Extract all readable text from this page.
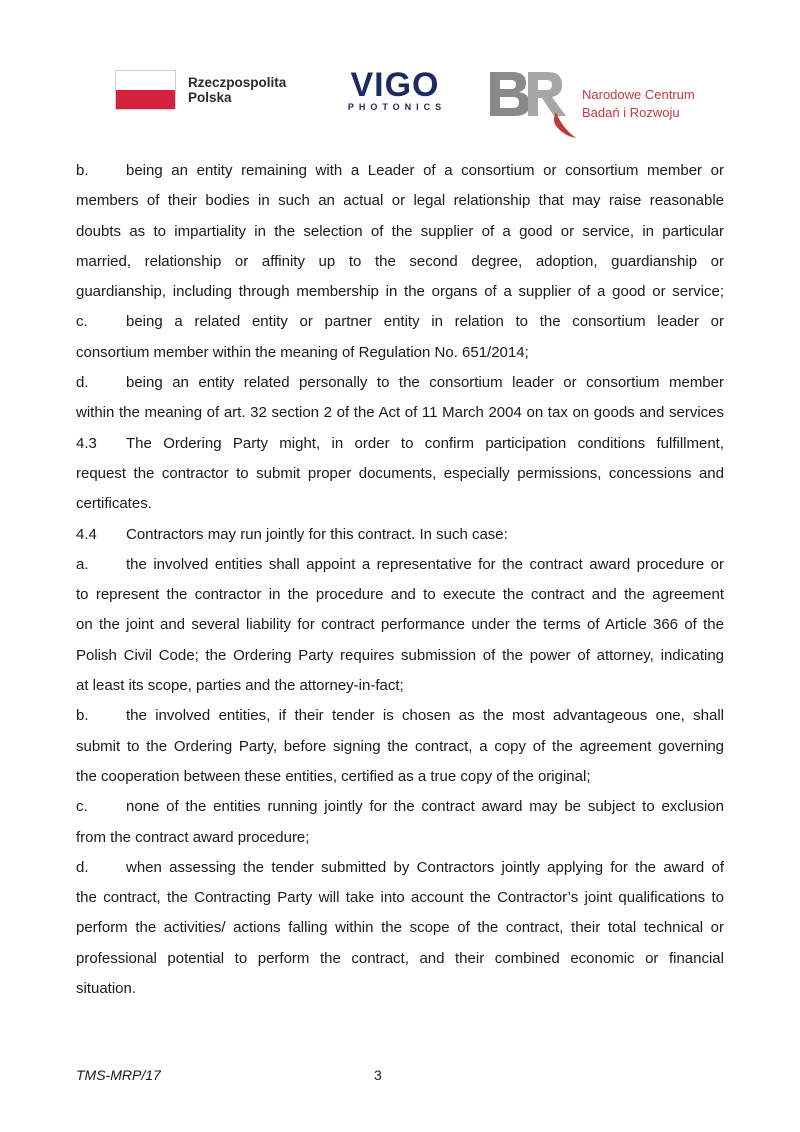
Rzeczpospolita
Polska	VIGO
PHOTONICS
Narodowe Centrum
Badań i Rozwoju
b. being an entity remaining with a Leader of a consortium or consortium member or
members of their bodies in such an actual or legal relationship that may raise reasonable
doubts as to impartiality in the selection of the supplier of a good or service, in particular
married, relationship or affinity up to the second degree, adoption, guardianship or
guardianship, including through membership in the organs of a supplier of a good or service;
c.	being a related entity or partner entity in relation to the consortium leader or
consortium member within the meaning of Regulation No. 651/2014;
d. being an entity related personally to the consortium leader or consortium member
within the meaning of art. 32 section 2 of the Act of 11 March 2004 on tax on goods and services
4.3 The Ordering Party might, in order to confirm participation conditions fulfillment,
request the contractor to submit proper documents, especially permissions, concessions and
certificates.
4.4 Contractors may run jointly for this contract. In such case:
a. the involved entities shall appoint a representative for the contract award procedure or
to represent the contractor in the procedure and to execute the contract and the agreement
on the joint and several liability for contract performance under the terms of Article 366 of the
Polish Civil Code; the Ordering Party requires submission of the power of attorney, indicating
at least its scope, parties and the attorney-in-fact;
b. the involved entities, if their tender is chosen as the most advantageous one, shall
submit to the Ordering Party, before signing the contract, a copy of the agreement governing
the cooperation between these entities, certified as a true copy of the original;
c.	none of the entities running jointly for the contract award may be subject to exclusion
from the contract award procedure;
d. when assessing the tender submitted by Contractors jointly applying for the award of
the contract, the Contracting Party will take into account the Contractor’s joint qualifications to
perform the activities/ actions falling within the scope of the contract, their total technical or
professional potential to perform the contract, and their combined economic or financial
situation.
TMS-MRP/17	3
